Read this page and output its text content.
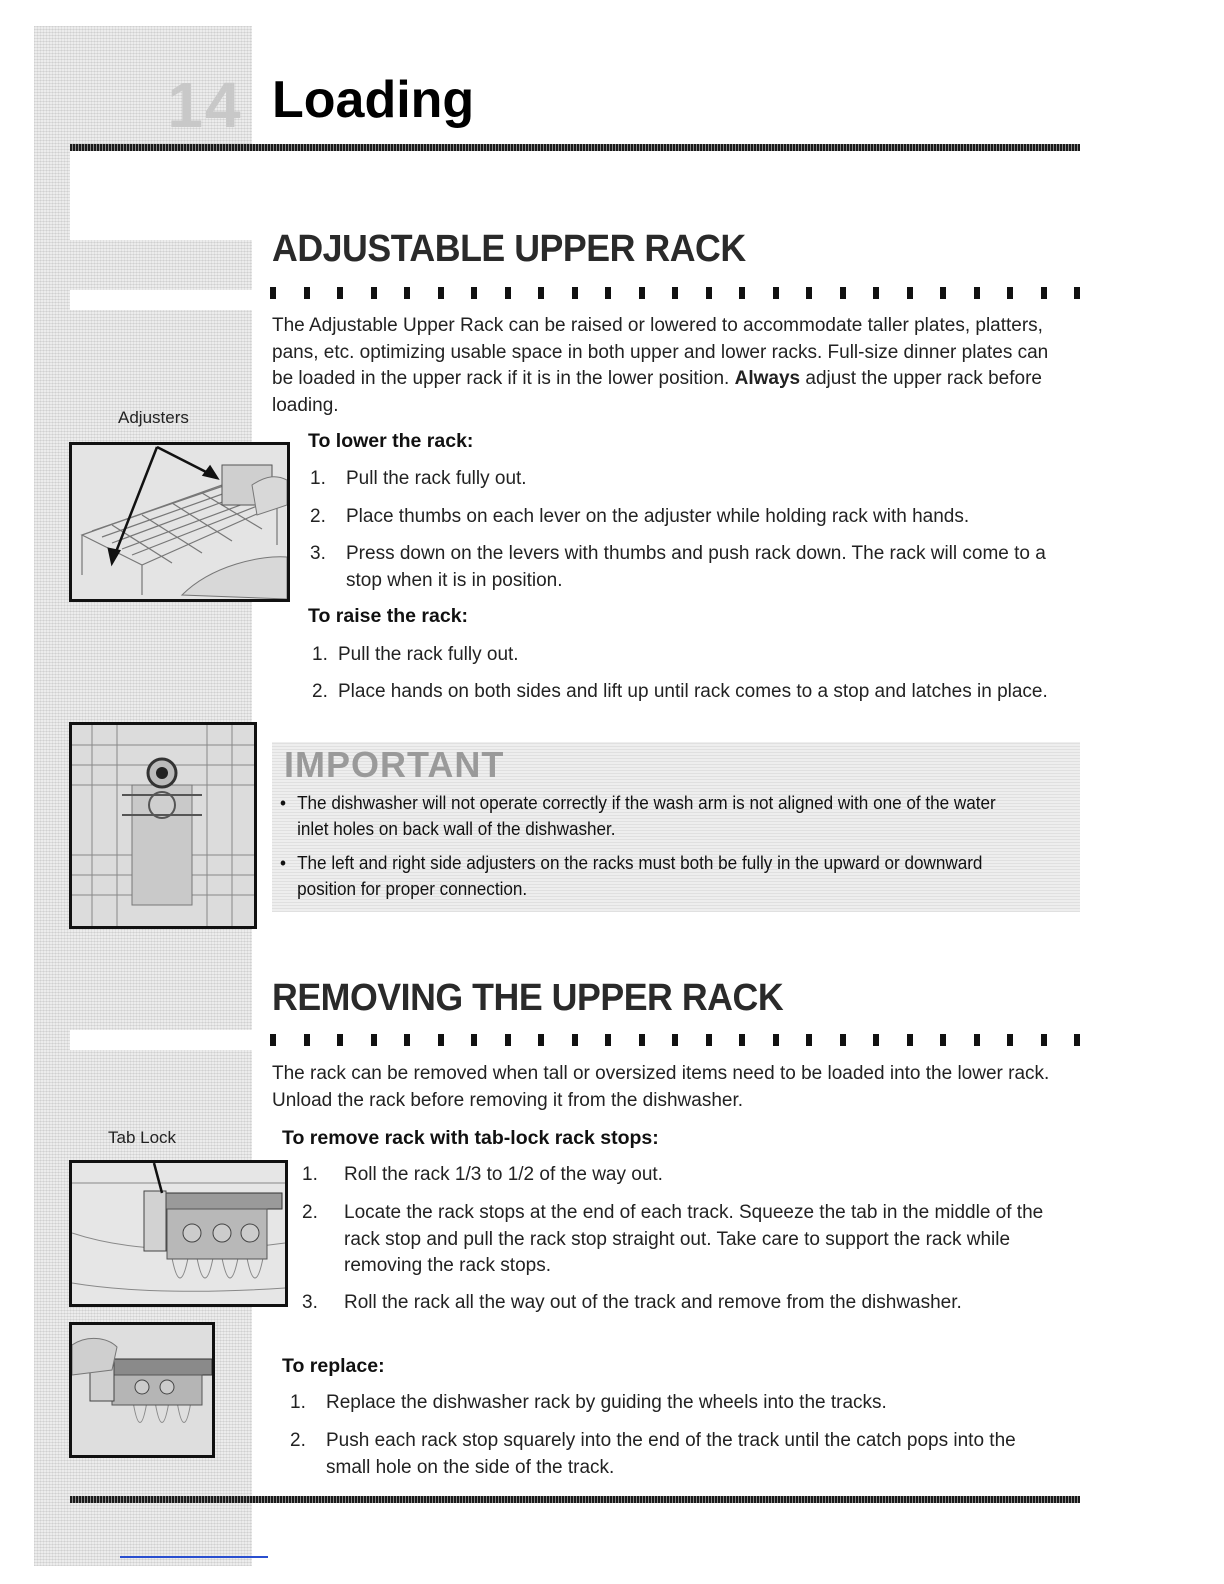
14 Loading
ADJUSTABLE UPPER RACK
The Adjustable Upper Rack can be raised or lowered to accommodate taller plates, platters, pans, etc. optimizing usable space in both upper and lower racks. Full-size dinner plates can be loaded in the upper rack if it is in the lower position. Always adjust the upper rack before loading.
Adjusters
To lower the rack:
1.	Pull the rack fully out.
2.	Place thumbs on each lever on the adjuster while holding rack with hands.
3.	Press down on the levers with thumbs and push rack down. The rack will come to a stop when it is in position.
To raise the rack:
1. Pull the rack fully out.
2. Place hands on both sides and lift up until rack comes to a stop and latches in place.
IMPORTANT
• The dishwasher will not operate correctly if the wash arm is not aligned with one of the water inlet holes on back wall of the dishwasher.
• The left and right side adjusters on the racks must both be fully in the upward or downward position for proper connection.
REMOVING THE UPPER RACK
The rack can be removed when tall or oversized items need to be loaded into the lower rack. Unload the rack before removing it from the dishwasher.
Tab Lock	To remove rack with tab-lock rack stops:
1.	Roll the rack 1/3 to 1/2 of the way out.
2.	Locate the rack stops at the end of each track. Squeeze the tab in the middle of the rack stop and pull the rack stop straight out. Take care to support the rack while removing the rack stops.
3.	Roll the rack all the way out of the track and remove from the dishwasher.
To replace:
1.	Replace the dishwasher rack by guiding the wheels into the tracks.
2.	Push each rack stop squarely into the end of the track until the catch pops into the small hole on the side of the track.
